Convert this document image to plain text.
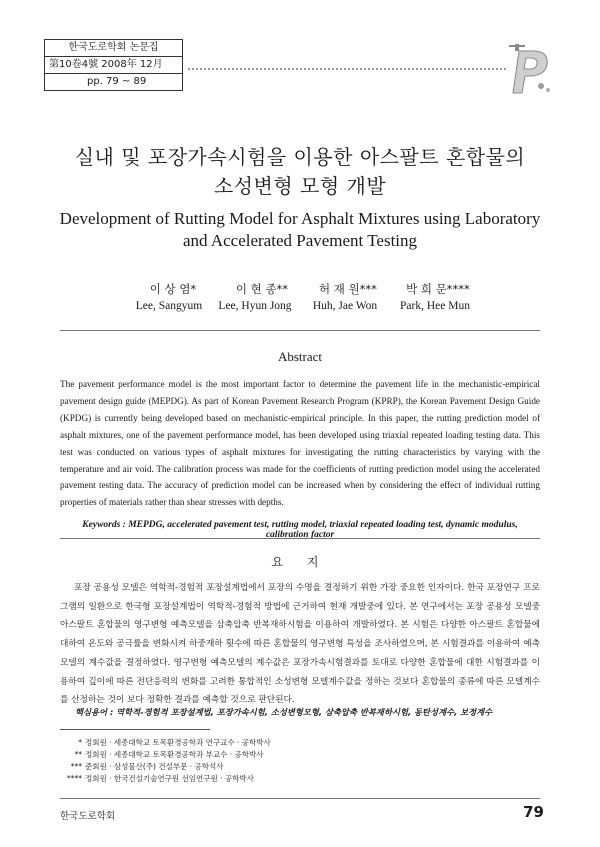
한국도로학회 논문집
第10卷4號 2008年 12月
pp. 79 ~ 89
실내 및 포장가속시험을 이용한 아스팔트 혼합물의
소성변형 모형 개발
Development of Rutting Model for Asphalt Mixtures using Laboratory
and Accelerated Pavement Testing
이 상 염*	이 현 종**	허 재 원***	박 희 문****
Lee, Sangyum	Lee, Hyun Jong	Huh, Jae Won	Park, Hee Mun
Abstract
The pavement performance model is the most important factor to determine the pavement life in the mechanistic-empirical pavement design guide (MEPDG). As part of Korean Pavement Research Program (KPRP), the Korean Pavement Design Guide (KPDG) is currently being developed based on mechanistic-empirical principle. In this paper, the rutting prediction model of asphalt mixtures, one of the pavement performance model, has been developed using triaxial repeated loading testing data. This test was conducted on various types of asphalt mixtures for investigating the rutting characteristics by varying with the temperature and air void. The calibration process was made for the coefficients of rutting prediction model using the accelerated pavement testing data. The accuracy of prediction model can be increased when by considering the effect of individual rutting properties of materials rather than shear stresses with depths.
Keywords : MEPDG, accelerated pavement test, rutting model, triaxial repeated loading test, dynamic modulus, calibration factor
요 지
포장 공용성 모델은 역학적-경험적 포장설계법에서 포장의 수명을 결정하기 위한 가장 중요한 인자이다. 한국 포장연구 프로그램의 일환으로 한국형 포장설계법이 역학적-경험적 방법에 근거하여 현재 개발중에 있다. 본 연구에서는 포장 공용성 모델중 아스팔트 혼합물의 영구변형 예측모델을 삼축압축 반복재하시험을 이용하여 개발하였다. 본 시험은 다양한 아스팔트 혼합물에 대하여 온도와 공극률을 변화시켜 하중재하 횟수에 따른 혼합물의 영구변형 특성을 조사하였으며, 본 시험결과를 이용하여 예측모델의 계수값을 결정하였다. 영구변형 예측모델의 계수값은 포장가속시험결과를 토대로 다양한 혼합물에 대한 시험결과를 이용하여 깊이에 따른 전단응력의 변화를 고려한 통합적인 소성변형 모델계수값을 정하는 것보다 혼합물의 종류에 따른 모델계수를 산정하는 것이 보다 정확한 결과를 예측할 것으로 판단된다.
핵심용어 : 역학적-경험적 포장설계법, 포장가속시험, 소성변형모형, 삼축압축 반복재하시험, 동탄성계수, 보정계수
* 정회원 · 세종대학교 토목환경공학과 연구교수 · 공학박사
** 정회원 · 세종대학교 토목환경공학과 부교수 · 공학박사
*** 준회원 · 삼성물산(주) 건설부문 · 공학석사
**** 정회원 · 한국건설기술연구원 선임연구원 · 공학박사
한국도로학회	79
